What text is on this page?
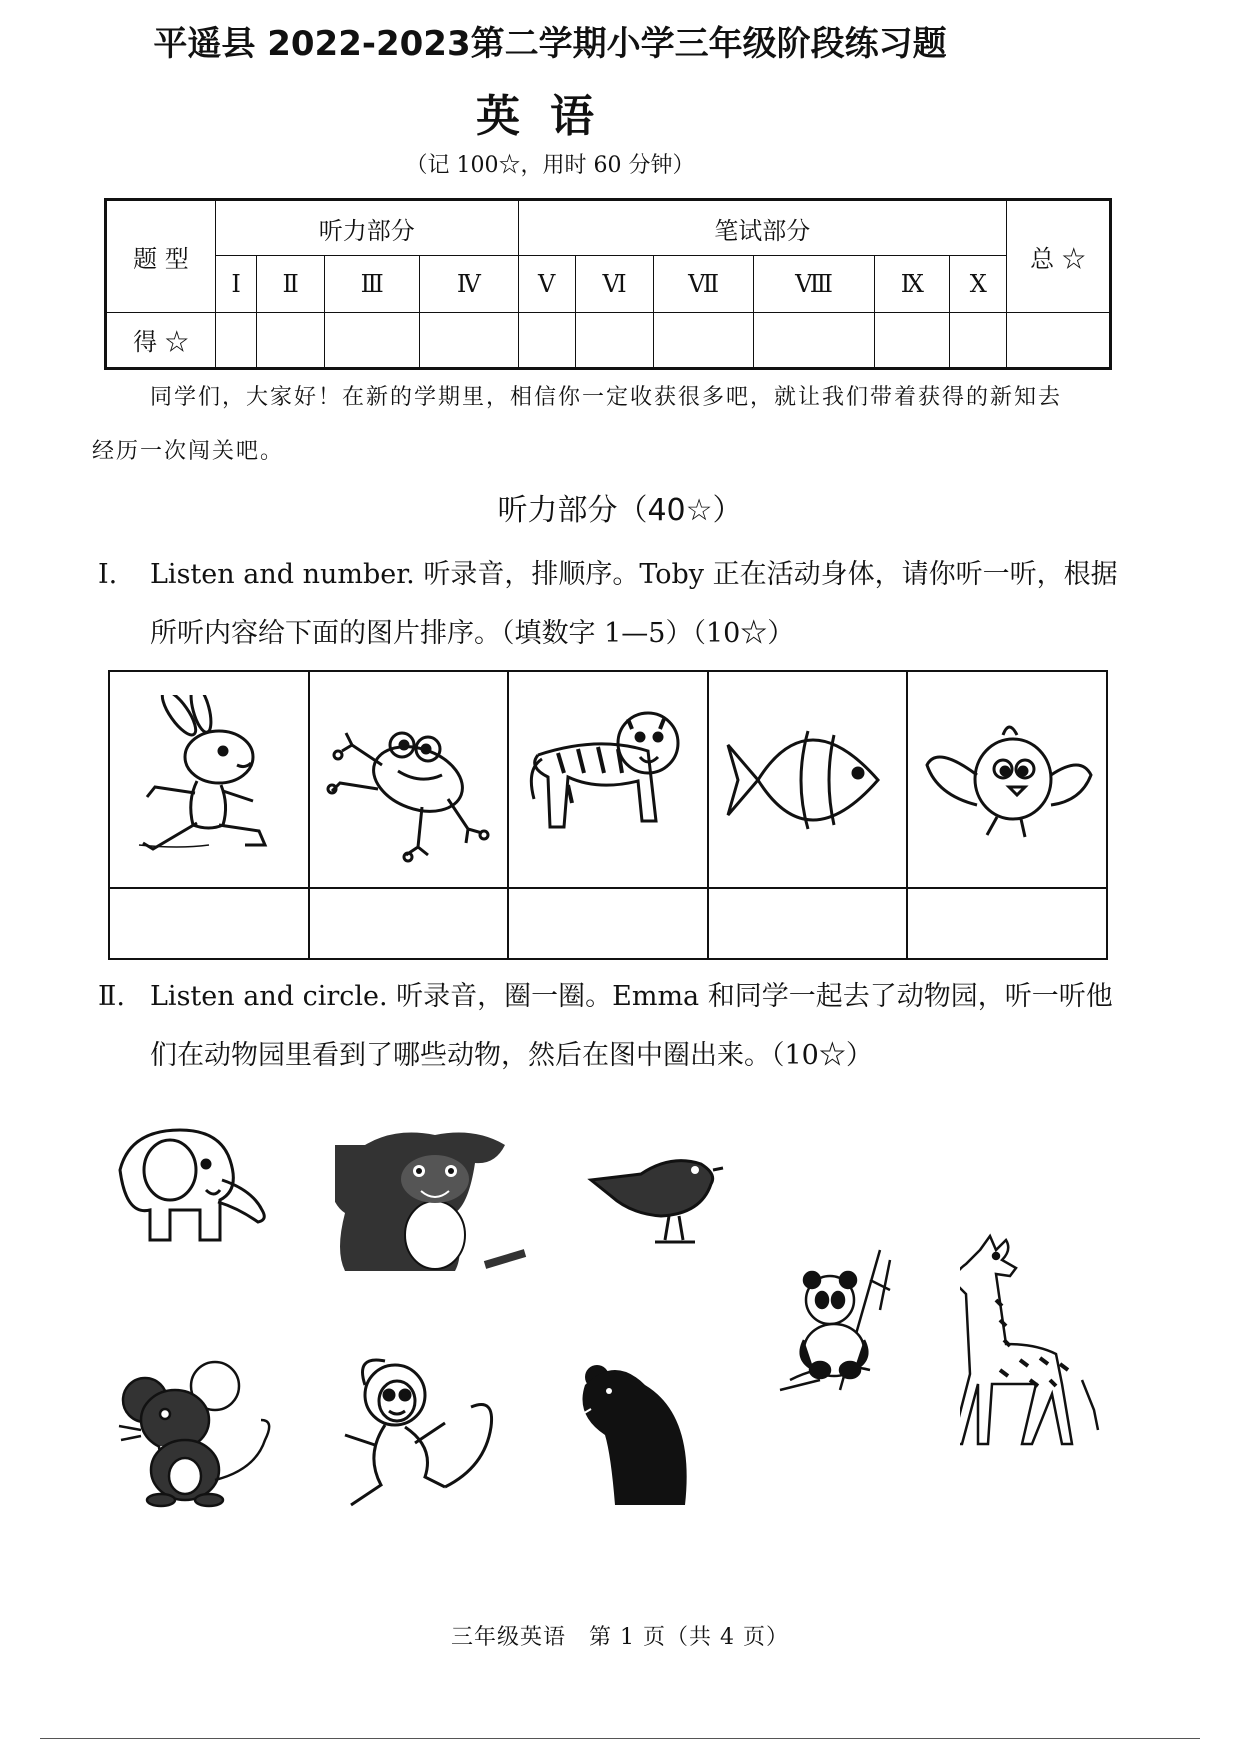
平遥县 2022-2023第二学期小学三年级阶段练习题
英语
（记 100☆，用时 60 分钟）
题 型	听力部分				笔试部分						总 ☆
	Ⅰ	Ⅱ	Ⅲ	Ⅳ	Ⅴ	Ⅵ	Ⅶ	Ⅷ	Ⅸ	Ⅹ	
得 ☆											
同学们，大家好！在新的学期里，相信你一定收获很多吧，就让我们带着获得的新知去
经历一次闯关吧。
听力部分（40☆）
Ⅰ. Listen and number. 听录音，排顺序。Toby 正在活动身体，请你听一听，根据
所听内容给下面的图片排序。（填数字 1—5）（10☆）

Ⅱ. Listen and circle. 听录音，圈一圈。Emma 和同学一起去了动物园，听一听他
们在动物园里看到了哪些动物，然后在图中圈出来。（10☆）
三年级英语　第 1 页（共 4 页）
